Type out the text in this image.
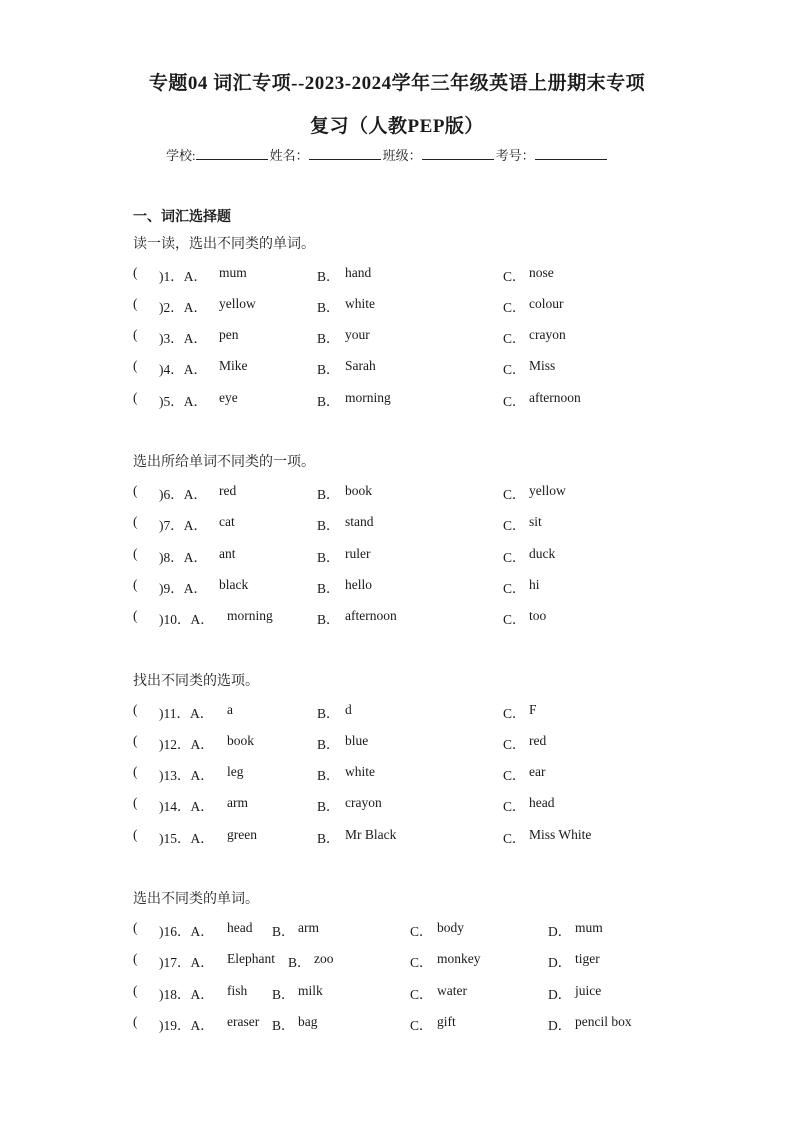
专题04 词汇专项--2023-2024学年三年级英语上册期末专项
复习（人教PEP版）
学校:	姓名：	班级：	考号：
一、词汇选择题
读一读，选出不同类的单词。
( )1．A． mum	B． hand	C． nose
( )2．A． yellow	B． white	C． colour
( )3．A． pen	B． your	C． crayon
( )4．A． Mike	B． Sarah	C． Miss
( )5．A． eye	B． morning	C． afternoon
选出所给单词不同类的一项。
( )6．A． red	B． book	C． yellow
( )7．A． cat	B． stand	C． sit
( )8．A． ant	B． ruler	C． duck
( )9．A． black	B． hello	C． hi
( )10．A． morning	B． afternoon	C． too
找出不同类的选项。
( )11．A． a	B． d	C． F
( )12．A． book	B． blue	C． red
( )13．A． leg	B． white	C． ear
( )14．A． arm	B． crayon	C． head
( )15．A． green	B． Mr Black	C． Miss White
选出不同类的单词。
( )16．A． head B． arm	C． body	D． mum
( )17．A． Elephant B． zoo	C． monkey	D． tiger
( )18．A． fish B． milk	C． water	D． juice
( )19．A． eraser B． bag	C． gift	D． pencil box
